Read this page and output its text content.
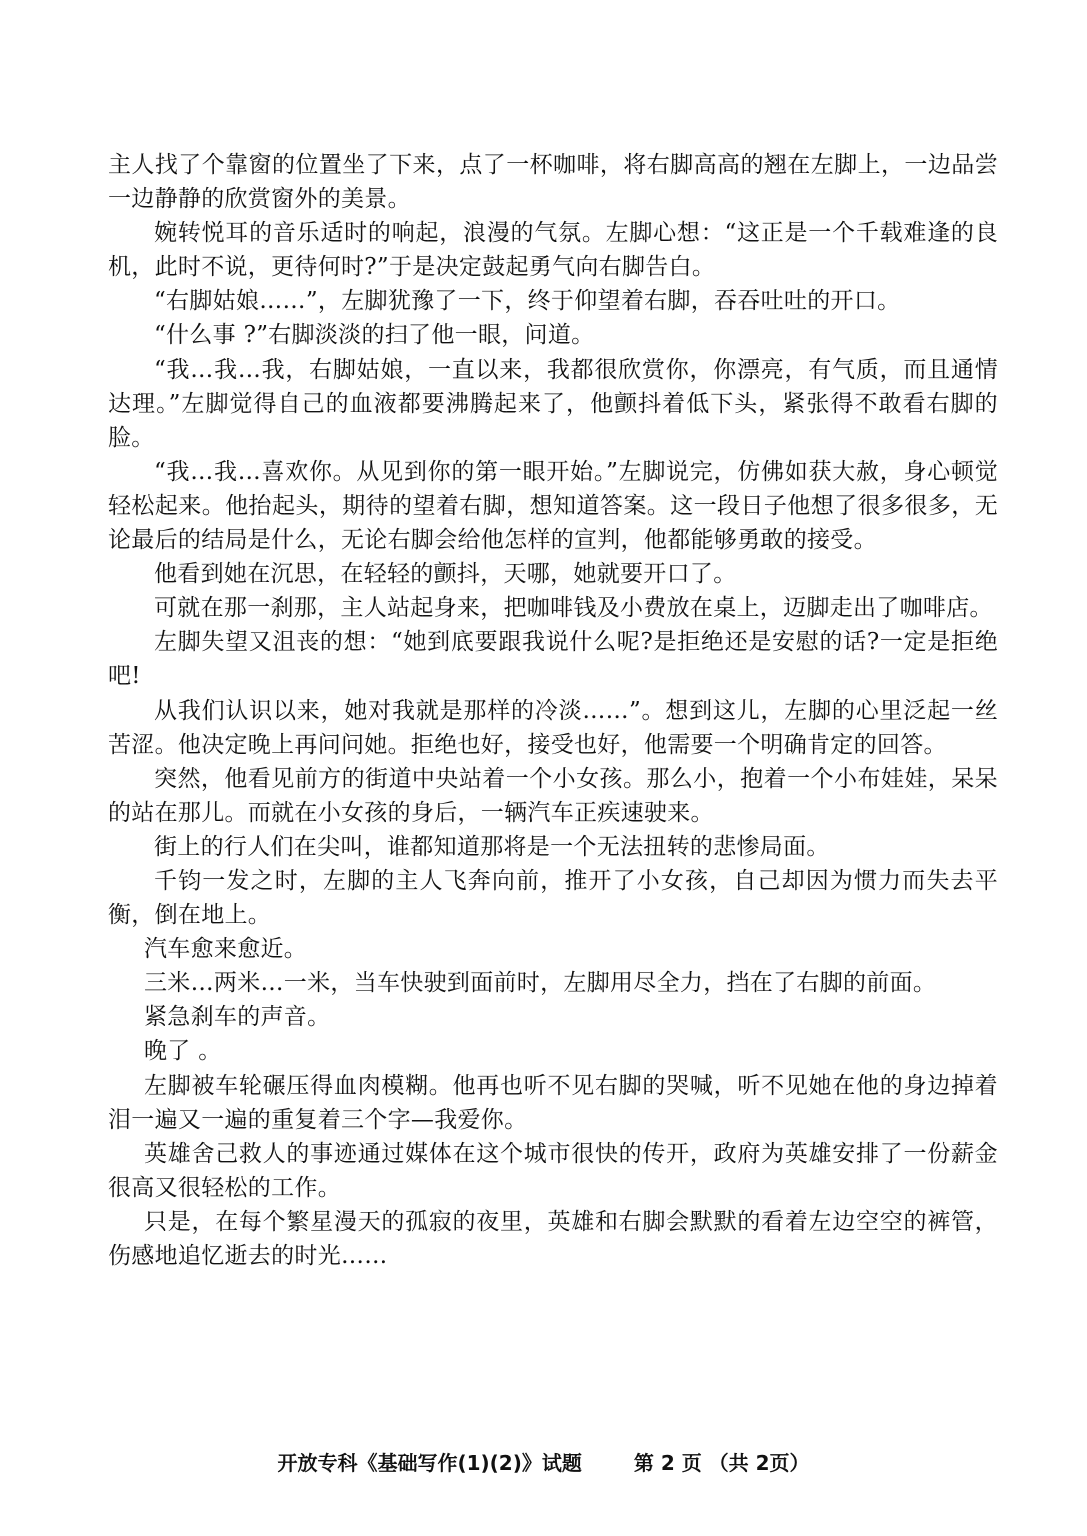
主人找了个靠窗的位置坐了下来，点了一杯咖啡，将右脚高高的翘在左脚上，一边品尝一边静静的欣赏窗外的美景。

婉转悦耳的音乐适时的响起，浪漫的气氛。左脚心想：“这正是一个千载难逢的良机，此时不说，更待何时?”于是决定鼓起勇气向右脚告白。

“右脚姑娘……”，左脚犹豫了一下，终于仰望着右脚，吞吞吐吐的开口。

“什么事 ?”右脚淡淡的扫了他一眼，问道。

“我…我…我，右脚姑娘，一直以来，我都很欣赏你，你漂亮，有气质，而且通情达理。”左脚觉得自己的血液都要沸腾起来了，他颤抖着低下头，紧张得不敢看右脚的脸。

“我…我…喜欢你。从见到你的第一眼开始。”左脚说完，仿佛如获大赦，身心顿觉轻松起来。他抬起头，期待的望着右脚，想知道答案。这一段日子他想了很多很多，无论最后的结局是什么，无论右脚会给他怎样的宣判，他都能够勇敢的接受。

他看到她在沉思，在轻轻的颤抖，天哪，她就要开口了。

可就在那一刹那，主人站起身来，把咖啡钱及小费放在桌上，迈脚走出了咖啡店。

左脚失望又沮丧的想：“她到底要跟我说什么呢?是拒绝还是安慰的话?一定是拒绝吧!

从我们认识以来，她对我就是那样的冷淡……”。想到这儿，左脚的心里泛起一丝苦涩。他决定晚上再问问她。拒绝也好，接受也好，他需要一个明确肯定的回答。

突然，他看见前方的街道中央站着一个小女孩。那么小，抱着一个小布娃娃，呆呆的站在那儿。而就在小女孩的身后，一辆汽车正疾速驶来。

街上的行人们在尖叫，谁都知道那将是一个无法扭转的悲惨局面。

千钧一发之时，左脚的主人飞奔向前，推开了小女孩，自己却因为惯力而失去平衡，倒在地上。

汽车愈来愈近。

三米…两米…一米，当车快驶到面前时，左脚用尽全力，挡在了右脚的前面。

紧急刹车的声音。

晚了 。

左脚被车轮碾压得血肉模糊。他再也听不见右脚的哭喊，听不见她在他的身边掉着泪一遍又一遍的重复着三个字—我爱你。

英雄舍己救人的事迹通过媒体在这个城市很快的传开，政府为英雄安排了一份薪金很高又很轻松的工作。

只是，在每个繁星漫天的孤寂的夜里，英雄和右脚会默默的看着左边空空的裤管，伤感地追忆逝去的时光……

开放专科《基础写作(1)(2)》试题	第 2 页 （共 2页）
